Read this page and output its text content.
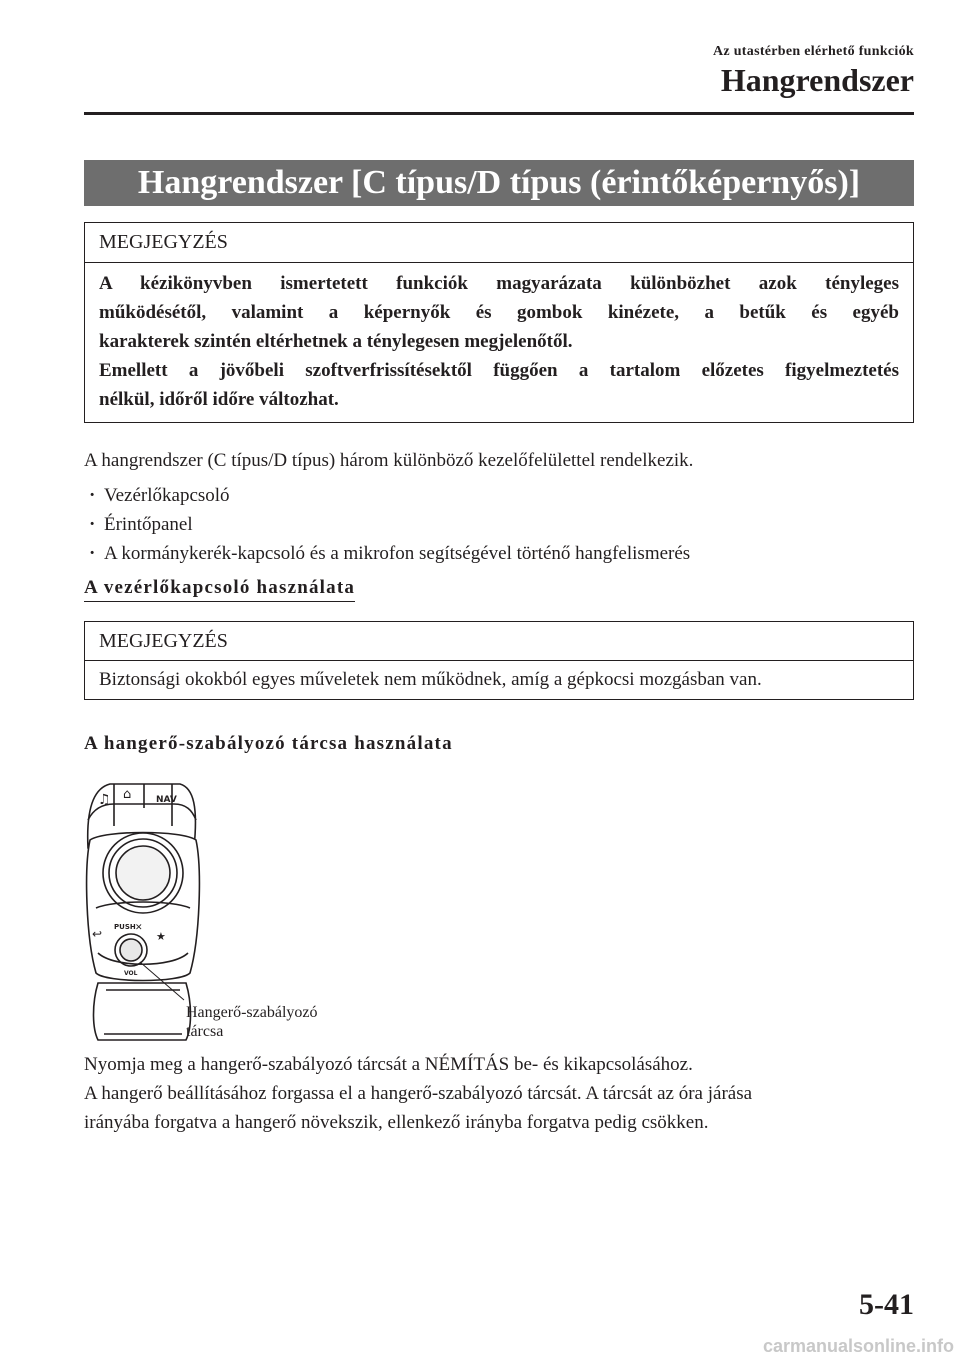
Az utastérben elérhető funkciók
Hangrendszer
Hangrendszer [C típus/D típus (érintőképernyős)]
MEGJEGYZÉS
A kézikönyvben ismertetett funkciók magyarázata különbözhet azok tényleges
működésétől, valamint a képernyők és gombok kinézete, a betűk és egyéb
karakterek szintén eltérhetnek a ténylegesen megjelenőtől.
Emellett a jövőbeli szoftverfrissítésektől függően a tartalom előzetes figyelmeztetés
nélkül, időről időre változhat.
A hangrendszer (C típus/D típus) három különböző kezelőfelülettel rendelkezik.
· Vezérlőkapcsoló
· Érintőpanel
· A kormánykerék-kapcsoló és a mikrofon segítségével történő hangfelismerés
A vezérlőkapcsoló használata
MEGJEGYZÉS
Biztonsági okokból egyes műveletek nem működnek, amíg a gépkocsi mozgásban van.
A hangerő-szabályozó tárcsa használata
♫ ⌂	NAV
PUSH ✕
↩	★
VOL
Hangerő-szabályozó
tárcsa
Nyomja meg a hangerő-szabályozó tárcsát a NÉMÍTÁS be- és kikapcsolásához.
A hangerő beállításához forgassa el a hangerő-szabályozó tárcsát. A tárcsát az óra járása
irányába forgatva a hangerő növekszik, ellenkező irányba forgatva pedig csökken.
5-41
carmanualsonline.info
